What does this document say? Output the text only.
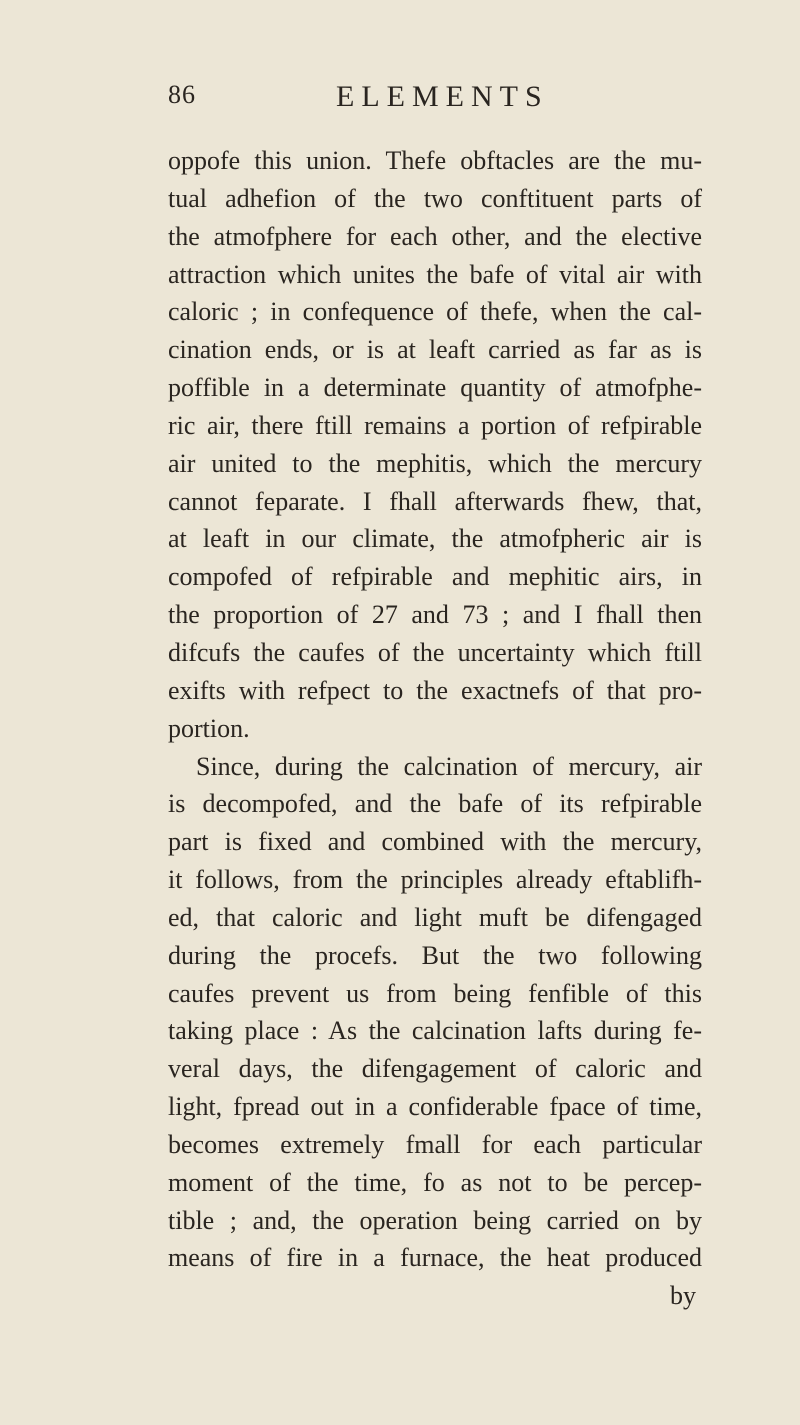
86	ELEMENTS
oppofe this union. Thefe obftacles are the mu-
tual adhefion of the two conftituent parts of
the atmofphere for each other, and the elective
attraction which unites the bafe of vital air with
caloric ; in confequence of thefe, when the cal-
cination ends, or is at leaft carried as far as is
poffible in a determinate quantity of atmofphe-
ric air, there ftill remains a portion of refpirable
air united to the mephitis, which the mercury
cannot feparate. I fhall afterwards fhew, that,
at leaft in our climate, the atmofpheric air is
compofed of refpirable and mephitic airs, in
the proportion of 27 and 73 ; and I fhall then
difcufs the caufes of the uncertainty which ftill
exifts with refpect to the exactnefs of that pro-
portion.
Since, during the calcination of mercury, air
is decompofed, and the bafe of its refpirable
part is fixed and combined with the mercury,
it follows, from the principles already eftablifh-
ed, that caloric and light muft be difengaged
during the procefs. But the two following
caufes prevent us from being fenfible of this
taking place : As the calcination lafts during fe-
veral days, the difengagement of caloric and
light, fpread out in a confiderable fpace of time,
becomes extremely fmall for each particular
moment of the time, fo as not to be percep-
tible ; and, the operation being carried on by
means of fire in a furnace, the heat produced
by
